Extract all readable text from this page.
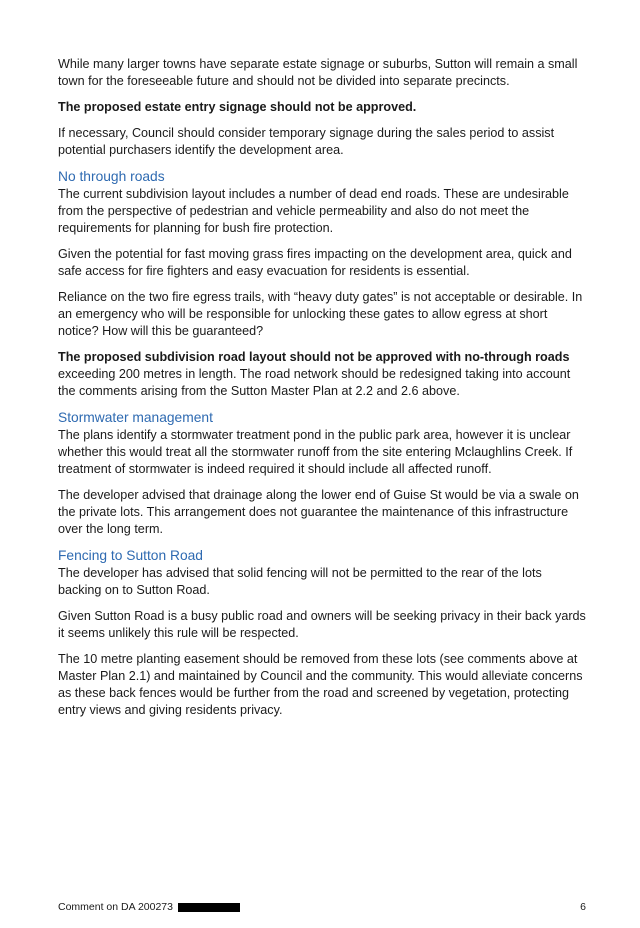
While many larger towns have separate estate signage or suburbs, Sutton will remain a small town for the foreseeable future and should not be divided into separate precincts.

The proposed estate entry signage should not be approved.

If necessary, Council should consider temporary signage during the sales period to assist potential purchasers identify the development area.

No through roads

The current subdivision layout includes a number of dead end roads. These are undesirable from the perspective of pedestrian and vehicle permeability and also do not meet the requirements for planning for bush fire protection.

Given the potential for fast moving grass fires impacting on the development area, quick and safe access for fire fighters and easy evacuation for residents is essential.

Reliance on the two fire egress trails, with “heavy duty gates” is not acceptable or desirable. In an emergency who will be responsible for unlocking these gates to allow egress at short notice? How will this be guaranteed?

The proposed subdivision road layout should not be approved with no-through roads exceeding 200 metres in length. The road network should be redesigned taking into account the comments arising from the Sutton Master Plan at 2.2 and 2.6 above.

Stormwater management

The plans identify a stormwater treatment pond in the public park area, however it is unclear whether this would treat all the stormwater runoff from the site entering Mclaughlins Creek. If treatment of stormwater is indeed required it should include all affected runoff.

The developer advised that drainage along the lower end of Guise St would be via a swale on the private lots. This arrangement does not guarantee the maintenance of this infrastructure over the long term.

Fencing to Sutton Road

The developer has advised that solid fencing will not be permitted to the rear of the lots backing on to Sutton Road.

Given Sutton Road is a busy public road and owners will be seeking privacy in their back yards it seems unlikely this rule will be respected.

The 10 metre planting easement should be removed from these lots (see comments above at Master Plan 2.1) and maintained by Council and the community. This would alleviate concerns as these back fences would be further from the road and screened by vegetation, protecting entry views and giving residents privacy.

Comment on DA 200273	6
